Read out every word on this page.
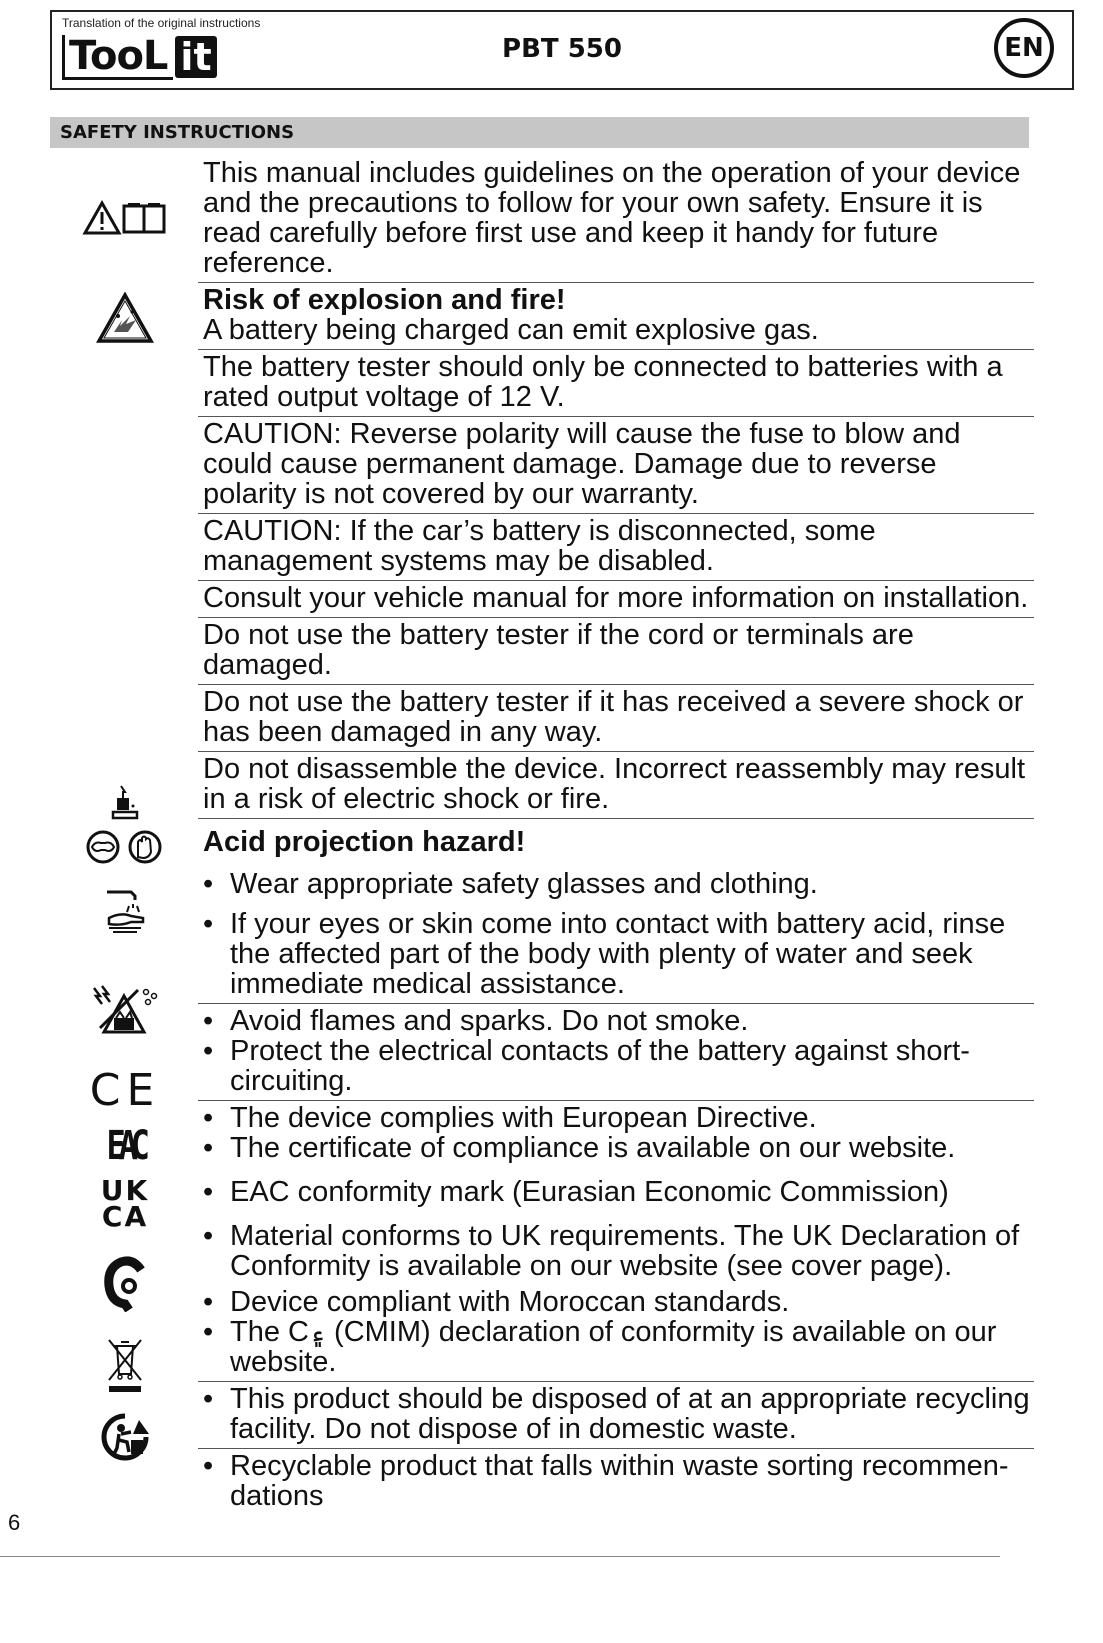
Translation of the original instructions
TooL it	PBT 550	EN
SAFETY INSTRUCTIONS
CE
EAC
UK
CA
This manual includes guidelines on the operation of your device and the precautions to follow for your own safety. Ensure it is read carefully before first use and keep it handy for future reference.
Risk of explosion and fire!
A battery being charged can emit explosive gas.
The battery tester should only be connected to batteries with a rated output voltage of 12 V.
CAUTION: Reverse polarity will cause the fuse to blow and could cause permanent damage. Damage due to reverse polarity is not covered by our warranty.
CAUTION: If the car’s battery is disconnected, some management systems may be disabled.
Consult your vehicle manual for more information on installation.
Do not use the battery tester if the cord or terminals are damaged.
Do not use the battery tester if it has received a severe shock or has been damaged in any way.
Do not disassemble the device. Incorrect reassembly may result in a risk of electric shock or fire.
Acid projection hazard!
• Wear appropriate safety glasses and clothing.
• If your eyes or skin come into contact with battery acid, rinse the affected part of the body with plenty of water and seek immediate medical assistance.
• Avoid flames and sparks. Do not smoke.
• Protect the electrical contacts of the battery against short-circuiting.
• The device complies with European Directive.
• The certificate of compliance is available on our website.
• EAC conformity mark (Eurasian Economic Commission)
• Material conforms to UK requirements. The UK Declaration of Conformity is available on our website (see cover page).
• Device compliant with Moroccan standards.
• The C۽ (CMIM) declaration of conformity is available on our website.
• This product should be disposed of at an appropriate recycling facility. Do not dispose of in domestic waste.
• Recyclable product that falls within waste sorting recommen-dations
6
